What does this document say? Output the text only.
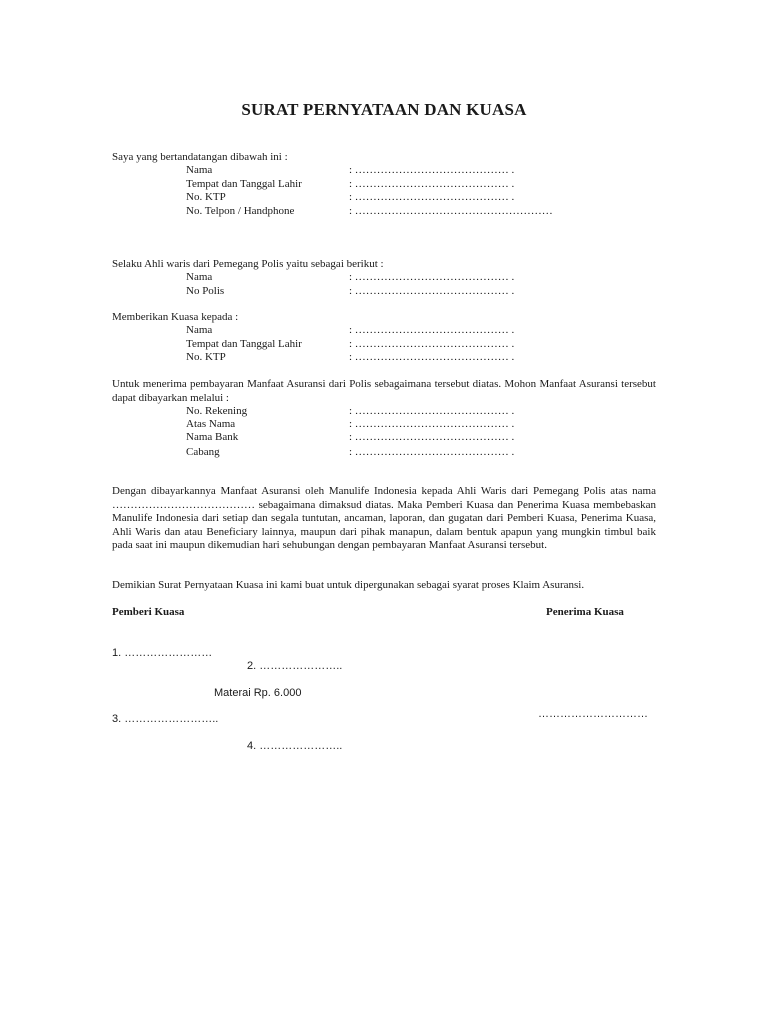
SURAT PERNYATAAN DAN KUASA
Saya yang bertandatangan dibawah ini :
Nama	: …………………………………… .
Tempat dan Tanggal Lahir	: …………………………………… .
No. KTP	: …………………………………… .
No. Telpon / Handphone	: ………………………………………………
Selaku Ahli waris dari Pemegang Polis yaitu sebagai berikut :
Nama	: …………………………………… .
No Polis	: …………………………………… .
Memberikan Kuasa kepada :
Nama	: …………………………………… .
Tempat dan Tanggal Lahir	: …………………………………… .
No. KTP	: …………………………………… .
Untuk menerima pembayaran Manfaat Asuransi dari Polis sebagaimana tersebut diatas. Mohon Manfaat Asuransi tersebut dapat dibayarkan melalui :
No. Rekening	: …………………………………… .
Atas Nama	: …………………………………… .
Nama Bank	: …………………………………… .
Cabang	: …………………………………… .
Dengan dibayarkannya Manfaat Asuransi oleh Manulife Indonesia kepada Ahli Waris dari Pemegang Polis atas nama ………………………………… sebagaimana dimaksud diatas. Maka Pemberi Kuasa dan Penerima Kuasa membebaskan Manulife Indonesia dari setiap dan segala tuntutan, ancaman, laporan, dan gugatan dari Pemberi Kuasa, Penerima Kuasa, Ahli Waris dan atau Beneficiary lainnya, maupun dari pihak manapun, dalam bentuk apapun yang mungkin timbul baik pada saat ini maupun dikemudian hari sehubungan dengan pembayaran Manfaat Asuransi tersebut.
Demikian Surat Pernyataan Kuasa ini kami buat untuk dipergunakan sebagai syarat proses Klaim Asuransi.
Pemberi Kuasa	Penerima Kuasa
1. ……………………
2. …………………..
Materai Rp. 6.000
3. ……………………..	…………………………
4. …………………..
